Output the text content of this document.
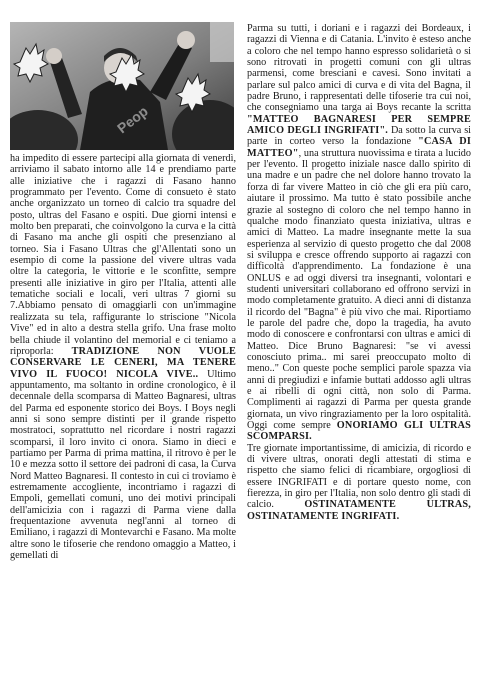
Peop

ha impedito di essere partecipi alla giornata di venerdì, arriviamo il sabato intorno alle 14 e prendiamo parte alle iniziative che i ragazzi di Fasano hanno programmato per l'evento. Come di consueto è stato anche organizzato un torneo di calcio tra squadre del posto, ultras del Fasano e ospiti. Due giorni intensi e molto ben preparati, che coinvolgono la curva e la città di Fasano ma anche gli ospiti che presenziano al torneo. Sia i Fasano Ultras che gl'Allentati sono un esempio di come la passione del vivere ultras vada oltre la categoria, le vittorie e le sconfitte, sempre presenti alle iniziative in giro per l'Italia, attenti alle tematiche sociali e locali, veri ultras 7 giorni su 7.Abbiamo pensato di omaggiarli con un'immagine realizzata su tela, raffigurante lo striscione "Nicola Vive" ed in alto a destra stella grifo. Una frase molto bella chiude il volantino del memorial e ci teniamo a riproporla: TRADIZIONE NON VUOLE CONSERVARE LE CENERI, MA TENERE VIVO IL FUOCO! NICOLA VIVE.. Ultimo appuntamento, ma soltanto in ordine cronologico, è il decennale della scomparsa di Matteo Bagnaresi, ultras del Parma ed esponente storico dei Boys. I Boys negli anni si sono sempre distinti per il grande rispetto mostratoci, soprattutto nel ricordare i nostri ragazzi scomparsi, il loro invito ci onora. Siamo in dieci e partiamo per Parma di prima mattina, il ritrovo è per le 10 e mezza sotto il settore dei padroni di casa, la Curva Nord Matteo Bagnaresi. Il contesto in cui ci troviamo è estremamente accogliente, incontriamo i ragazzi di Empoli, gemellati comuni, uno dei motivi principali dell'amicizia con i ragazzi di Parma viene dalla frequentazione avvenuta negl'anni al torneo di Emiliano, i ragazzi di Montevarchi e Fasano. Ma molte altre sono le tifoserie che rendono omaggio a Matteo, i gemellati di

Parma su tutti, i doriani e i ragazzi dei Bordeaux, i ragazzi di Vienna e di Catania. L'invito è esteso anche a coloro che nel tempo hanno espresso solidarietà o si sono ritrovati in progetti comuni con gli ultras parmensi, come bresciani e cavesi. Sono invitati a parlare sul palco amici di curva e di vita del Bagna, il padre Bruno, i rappresentati delle tifoserie tra cui noi, che consegniamo una targa ai Boys recante la scritta "MATTEO BAGNARESI PER SEMPRE AMICO DEGLI INGRIFATI". Da sotto la curva si parte in corteo verso la fondazione "CASA DI MATTEO", una struttura nuovissima e tirata a lucido per l'evento. Il progetto iniziale nasce dallo spirito di una madre e un padre che nel dolore hanno trovato la forza di far vivere Matteo in ciò che gli era più caro, aiutare il prossimo. Ma tutto è stato possibile anche grazie al sostegno di coloro che nel tempo hanno in qualche modo finanziato questa iniziativa, ultras e amici di Matteo. La madre insegnante mette la sua esperienza al servizio di questo progetto che dal 2008 si sviluppa e cresce offrendo supporto ai ragazzi con difficoltà d'apprendimento. La fondazione è una ONLUS e ad oggi diversi tra insegnanti, volontari e studenti universitari collaborano ed offrono servizi in modo completamente gratuito. A dieci anni di distanza il ricordo del "Bagna" è più vivo che mai. Riportiamo le parole del padre che, dopo la tragedia, ha avuto modo di conoscere e confrontarsi con ultras e amici di Matteo. Dice Bruno Bagnaresi: "se vi avessi conosciuto prima.. mi sarei preoccupato molto di meno.." Con queste poche semplici parole spazza via anni di pregiudizi e infamie buttati addosso agli ultras e ai ribelli di ogni città, non solo di Parma. Complimenti ai ragazzi di Parma per questa grande giornata, un vivo ringraziamento per la loro ospitalità. Oggi come sempre ONORIAMO GLI ULTRAS SCOMPARSI.

Tre giornate importantissime, di amicizia, di ricordo e di vivere ultras, onorati degli attestati di stima e rispetto che siamo felici di ricambiare, orgogliosi di essere INGRIFATI e di portare questo nome, con fierezza, in giro per l'Italia, non solo dentro gli stadi di calcio.	OSTINATAMENTE ULTRAS, OSTINATAMENTE INGRIFATI.
